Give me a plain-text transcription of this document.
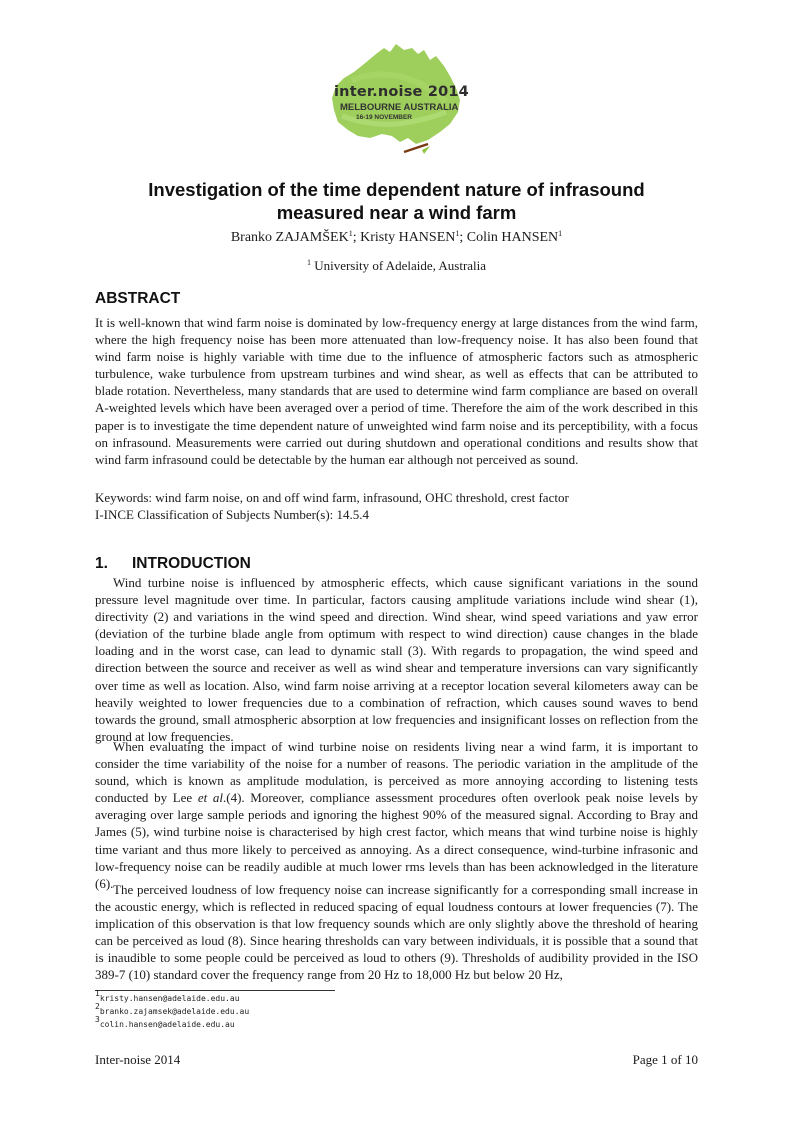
inter.noise 2014
MELBOURNE AUSTRALIA
16-19 NOVEMBER
Investigation of the time dependent nature of infrasound
measured near a wind farm
Branko ZAJAMŠEK$^1$; Kristy HANSEN$^1$; Colin HANSEN$^1$
$^1$ University of Adelaide, Australia
ABSTRACT
It is well-known that wind farm noise is dominated by low-frequency energy at large distances from the wind farm, where the high frequency noise has been more attenuated than low-frequency noise. It has also been found that wind farm noise is highly variable with time due to the influence of atmospheric factors such as atmospheric turbulence, wake turbulence from upstream turbines and wind shear, as well as effects that can be attributed to blade rotation. Nevertheless, many standards that are used to determine wind farm compliance are based on overall A-weighted levels which have been averaged over a period of time. Therefore the aim of the work described in this paper is to investigate the time dependent nature of unweighted wind farm noise and its perceptibility, with a focus on infrasound. Measurements were carried out during shutdown and operational conditions and results show that wind farm infrasound could be detectable by the human ear although not perceived as sound.
Keywords: wind farm noise, on and off wind farm, infrasound, OHC threshold, crest factor
I-INCE Classification of Subjects Number(s): 14.5.4
1. INTRODUCTION
Wind turbine noise is influenced by atmospheric effects, which cause significant variations in the sound pressure level magnitude over time. In particular, factors causing amplitude variations include wind shear (1), directivity (2) and variations in the wind speed and direction. Wind shear, wind speed variations and yaw error (deviation of the turbine blade angle from optimum with respect to wind direction) cause changes in the blade loading and in the worst case, can lead to dynamic stall (3). With regards to propagation, the wind speed and direction between the source and receiver as well as wind shear and temperature inversions can vary significantly over time as well as location. Also, wind farm noise arriving at a receptor location several kilometers away can be heavily weighted to lower frequencies due to a combination of refraction, which causes sound waves to bend towards the ground, small atmospheric absorption at low frequencies and insignificant losses on reflection from the ground at low frequencies.
When evaluating the impact of wind turbine noise on residents living near a wind farm, it is important to consider the time variability of the noise for a number of reasons. The periodic variation in the amplitude of the sound, which is known as amplitude modulation, is perceived as more annoying according to listening tests conducted by Lee et al.(4). Moreover, compliance assessment procedures often overlook peak noise levels by averaging over large sample periods and ignoring the highest 90% of the measured signal. According to Bray and James (5), wind turbine noise is characterised by high crest factor, which means that wind turbine noise is highly time variant and thus more likely to perceived as annoying. As a direct consequence, wind-turbine infrasonic and low-frequency noise can be readily audible at much lower rms levels than has been acknowledged in the literature (6). The perceived loudness of low frequency noise can increase significantly for a corresponding small increase in the acoustic energy, which is reflected in reduced spacing of equal loudness contours at lower frequencies (7). The implication of this observation is that low frequency sounds which are only slightly above the threshold of hearing can be perceived as loud (8). Since hearing thresholds can vary between individuals, it is possible that a sound that is inaudible to some people could be perceived as loud to others (9). Thresholds of audibility provided in the ISO 389-7 (10) standard cover the frequency range from 20 Hz to 18,000 Hz but below 20 Hz,
$^1$kristy.hansen@adelaide.edu.au
$^2$branko.zajamsek@adelaide.edu.au
$^3$colin.hansen@adelaide.edu.au
Inter-noise 2014	Page 1 of 10
